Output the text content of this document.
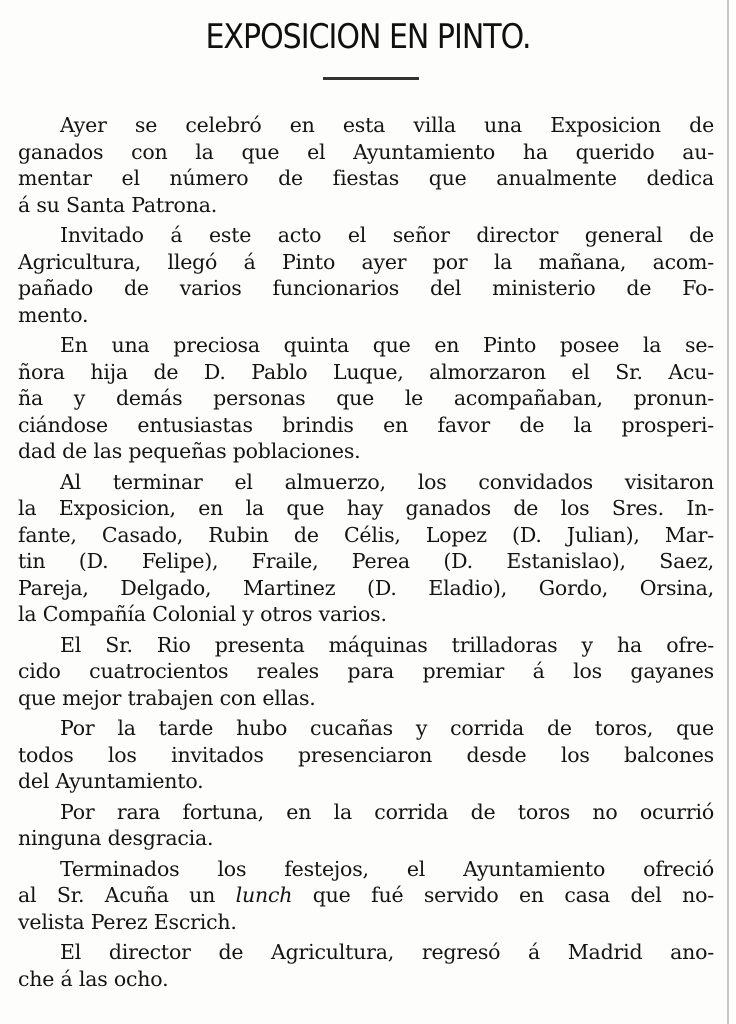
EXPOSICION EN PINTO.
Ayer se celebró en esta villa una Exposicion de
ganados con la que el Ayuntamiento ha querido au-
mentar el número de fiestas que anualmente dedica
á su Santa Patrona.
Invitado á este acto el señor director general de
Agricultura, llegó á Pinto ayer por la mañana, acom-
pañado de varios funcionarios del ministerio de Fo-
mento.
En una preciosa quinta que en Pinto posee la se-
ñora hija de D. Pablo Luque, almorzaron el Sr. Acu-
ña y demás personas que le acompañaban, pronun-
ciándose entusiastas brindis en favor de la prosperi-
dad de las pequeñas poblaciones.
Al terminar el almuerzo, los convidados visitaron
la Exposicion, en la que hay ganados de los Sres. In-
fante, Casado, Rubin de Célis, Lopez (D. Julian), Mar-
tin (D. Felipe), Fraile, Perea (D. Estanislao), Saez,
Pareja, Delgado, Martinez (D. Eladio), Gordo, Orsina,
la Compañía Colonial y otros varios.
El Sr. Rio presenta máquinas trilladoras y ha ofre-
cido cuatrocientos reales para premiar á los gayanes
que mejor trabajen con ellas.
Por la tarde hubo cucañas y corrida de toros, que
todos los invitados presenciaron desde los balcones
del Ayuntamiento.
Por rara fortuna, en la corrida de toros no ocurrió
ninguna desgracia.
Terminados los festejos, el Ayuntamiento ofreció
al Sr. Acuña un lunch que fué servido en casa del no-
velista Perez Escrich.
El director de Agricultura, regresó á Madrid ano-
che á las ocho.
